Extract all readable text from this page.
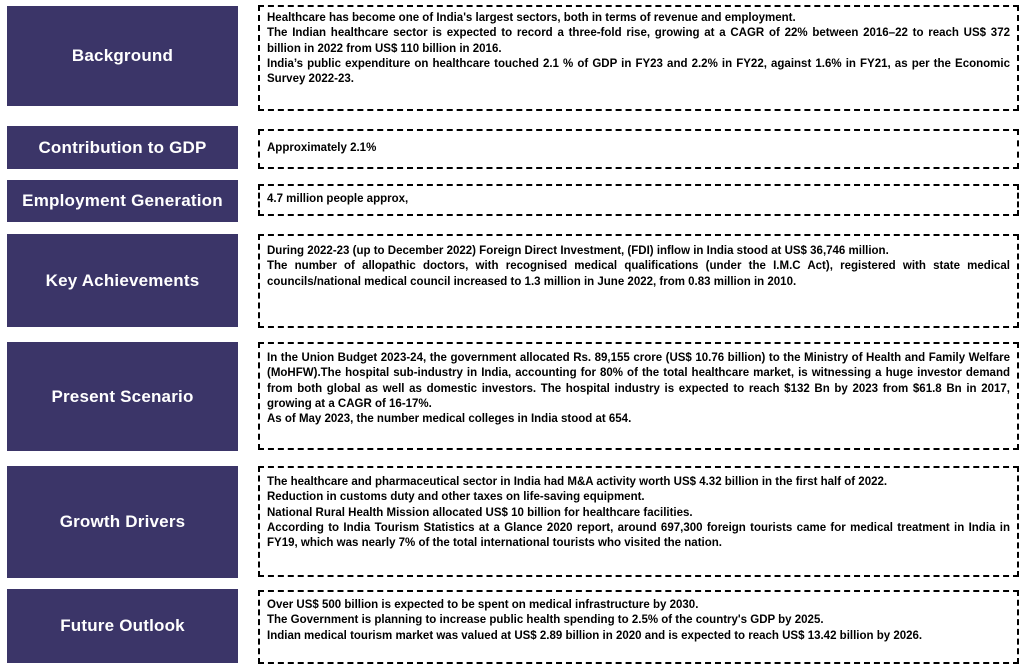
Background
Healthcare has become one of India's largest sectors, both in terms of revenue and employment.
The Indian healthcare sector is expected to record a three-fold rise, growing at a CAGR of 22% between 2016–22 to reach US$ 372 billion in 2022 from US$ 110 billion in 2016.
India’s public expenditure on healthcare touched 2.1 % of GDP in FY23 and 2.2% in FY22, against 1.6% in FY21, as per the Economic Survey 2022-23.
Contribution to GDP	Approximately 2.1%
Employment Generation	4.7 million people approx,
Key Achievements
During 2022-23 (up to December 2022) Foreign Direct Investment, (FDI) inflow in India stood at US$ 36,746 million.
The number of allopathic doctors, with recognised medical qualifications (under the I.M.C Act), registered with state medical councils/national medical council increased to 1.3 million in June 2022, from 0.83 million in 2010.
Present Scenario
In the Union Budget 2023-24, the government allocated Rs. 89,155 crore (US$ 10.76 billion) to the Ministry of Health and Family Welfare (MoHFW).The hospital sub-industry in India, accounting for 80% of the total healthcare market, is witnessing a huge investor demand from both global as well as domestic investors. The hospital industry is expected to reach $132 Bn by 2023 from $61.8 Bn in 2017, growing at a CAGR of 16-17%.
As of May 2023, the number medical colleges in India stood at 654.
Growth Drivers
The healthcare and pharmaceutical sector in India had M&A activity worth US$ 4.32 billion in the first half of 2022.
Reduction in customs duty and other taxes on life-saving equipment.
National Rural Health Mission allocated US$ 10 billion for healthcare facilities.
According to India Tourism Statistics at a Glance 2020 report, around 697,300 foreign tourists came for medical treatment in India in FY19, which was nearly 7% of the total international tourists who visited the nation.
Future Outlook
Over US$ 500 billion is expected to be spent on medical infrastructure by 2030.
The Government is planning to increase public health spending to 2.5% of the country's GDP by 2025.
Indian medical tourism market was valued at US$ 2.89 billion in 2020 and is expected to reach US$ 13.42 billion by 2026.
